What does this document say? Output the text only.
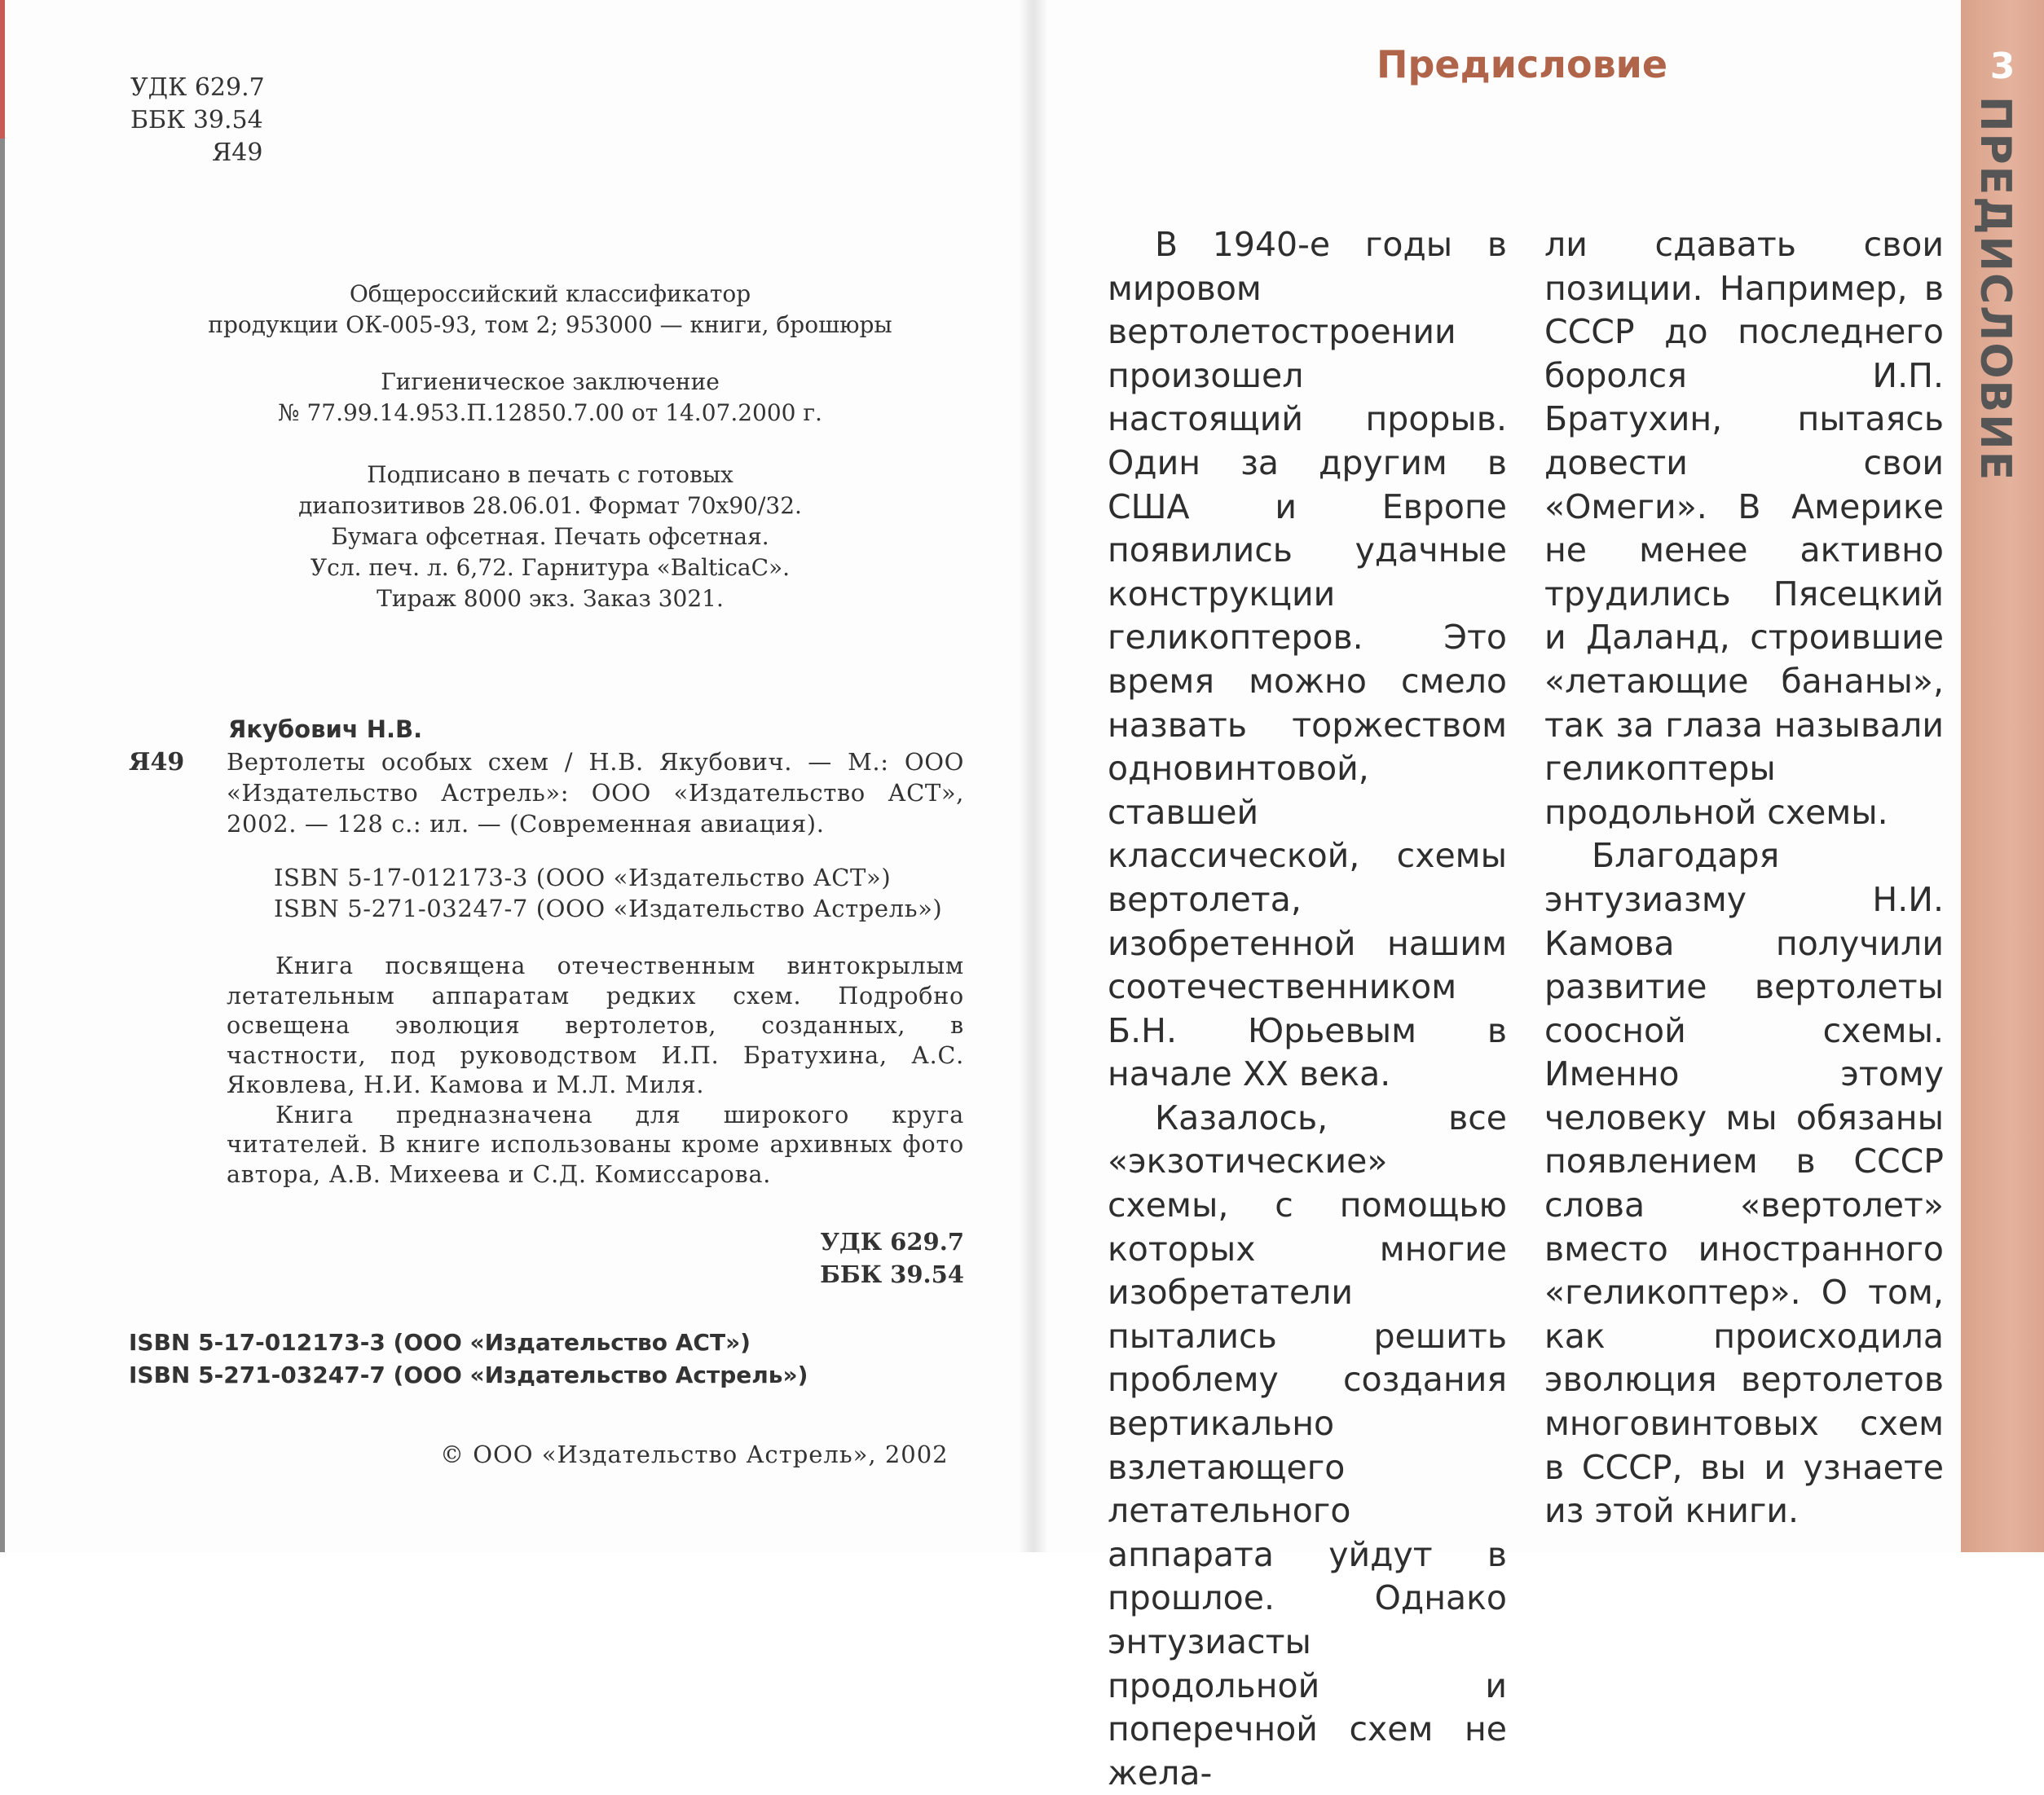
УДК 629.7
ББК 39.54
Я49
Общероссийский классификатор
продукции ОК-005-93, том 2; 953000 — книги, брошюры
Гигиеническое заключение
№ 77.99.14.953.П.12850.7.00 от 14.07.2000 г.
Подписано в печать с готовых
диапозитивов 28.06.01. Формат 70х90/32.
Бумага офсетная. Печать офсетная.
Усл. печ. л. 6,72. Гарнитура «BalticaC».
Тираж 8000 экз. Заказ 3021.
Якубович Н.В.
Я49 Вертолеты особых схем / Н.В. Якубович. — М.: ООО «Издательство Астрель»: ООО «Издательство АСТ», 2002. — 128 с.: ил. — (Современная авиация).
ISBN 5-17-012173-3 (ООО «Издательство АСТ»)
ISBN 5-271-03247-7 (ООО «Издательство Астрель»)

Книга посвящена отечественным винтокрылым летательным аппаратам редких схем. Подробно освещена эволюция вертолетов, созданных, в частности, под руководством И.П. Братухина, А.С. Яковлева, Н.И. Камова и М.Л. Миля.

Книга предназначена для широкого круга читателей. В книге использованы кроме архивных фото автора, А.В. Михеева и С.Д. Комиссарова.

УДК 629.7
ББК 39.54
ISBN 5-17-012173-3 (ООО «Издательство АСТ»)
ISBN 5-271-03247-7 (ООО «Издательство Астрель»)
© ООО «Издательство Астрель», 2002
Предисловие

В 1940-е годы в мировом вертолетостроении произошел настоящий прорыв. Один за другим в США и Европе появились удачные конструкции геликоптеров. Это время можно смело назвать торжеством одновинтовой, ставшей классической, схемы вертолета, изобретенной нашим соотечественником Б.Н. Юрьевым в начале XX века.

Казалось, все «экзотические» схемы, с помощью которых многие изобретатели пытались решить проблему создания вертикально взлетающего летательного аппарата уйдут в прошлое. Однако энтузиасты продольной и поперечной схем не жела-

ли сдавать свои позиции. Например, в СССР до последнего боролся И.П. Братухин, пытаясь довести свои «Омеги». В Америке не менее активно трудились Пясецкий и Даланд, строившие «летающие бананы», так за глаза называли геликоптеры продольной схемы.

Благодаря энтузиазму Н.И. Камова получили развитие вертолеты соосной схемы. Именно этому человеку мы обязаны появлением в СССР слова «вертолет» вместо иностранного «геликоптер». О том, как происходила эволюция вертолетов многовинтовых схем в СССР, вы и узнаете из этой книги.

3
ПРЕДИСЛОВИЕ
